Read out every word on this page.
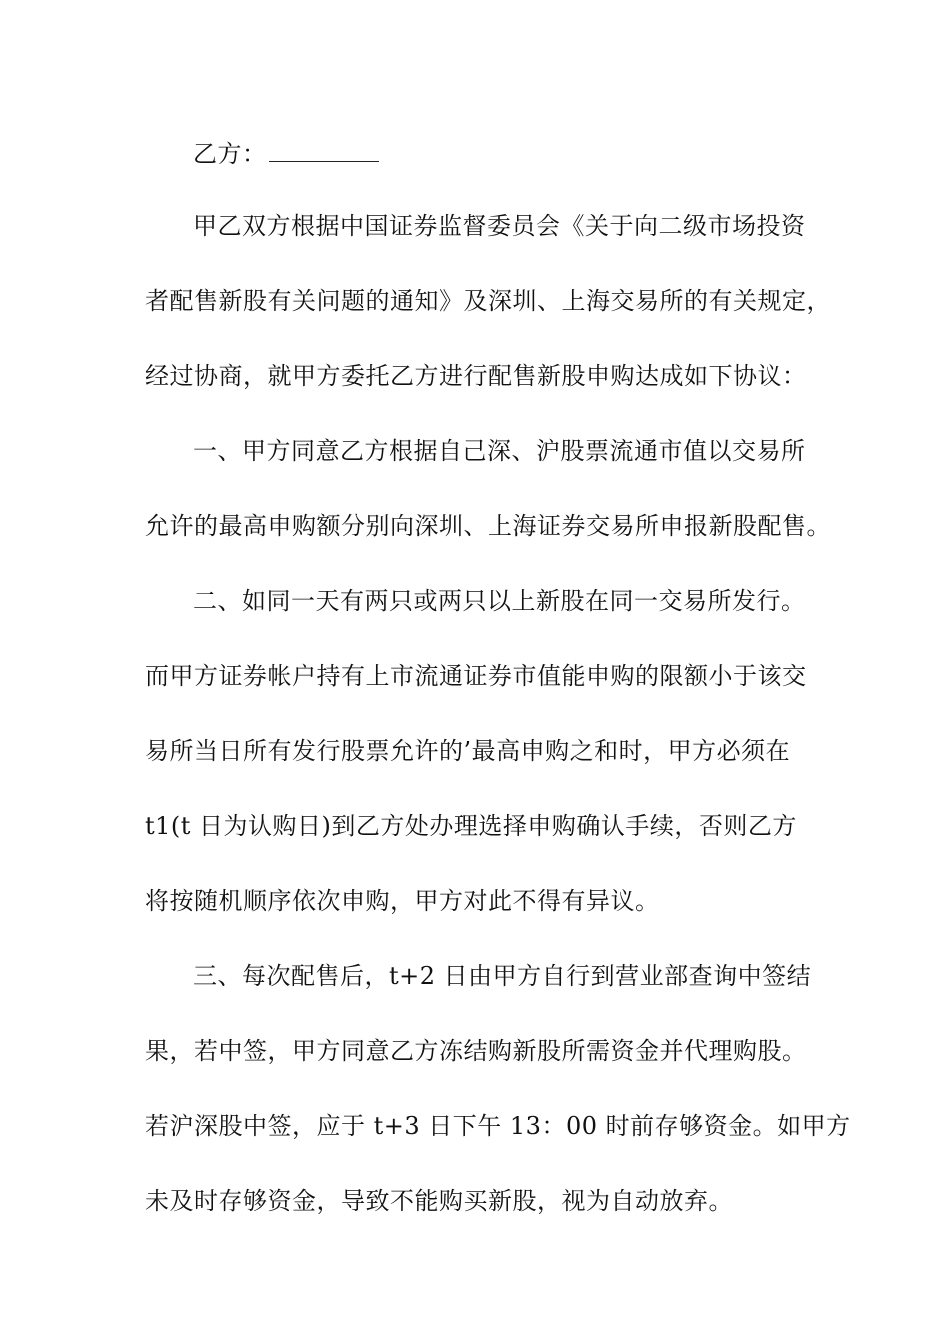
乙方：
甲乙双方根据中国证券监督委员会《关于向二级市场投资
者配售新股有关问题的通知》及深圳、上海交易所的有关规定，
经过协商，就甲方委托乙方进行配售新股申购达成如下协议：
一、甲方同意乙方根据自己深、沪股票流通市值以交易所
允许的最高申购额分别向深圳、上海证券交易所申报新股配售。
二、如同一天有两只或两只以上新股在同一交易所发行。
而甲方证券帐户持有上市流通证券市值能申购的限额小于该交
易所当日所有发行股票允许的’最高申购之和时，甲方必须在
t1(t 日为认购日)到乙方处办理选择申购确认手续，否则乙方
将按随机顺序依次申购，甲方对此不得有异议。
三、每次配售后，t+2 日由甲方自行到营业部查询中签结
果，若中签，甲方同意乙方冻结购新股所需资金并代理购股。
若沪深股中签，应于 t+3 日下午 13：00 时前存够资金。如甲方
未及时存够资金，导致不能购买新股，视为自动放弃。
